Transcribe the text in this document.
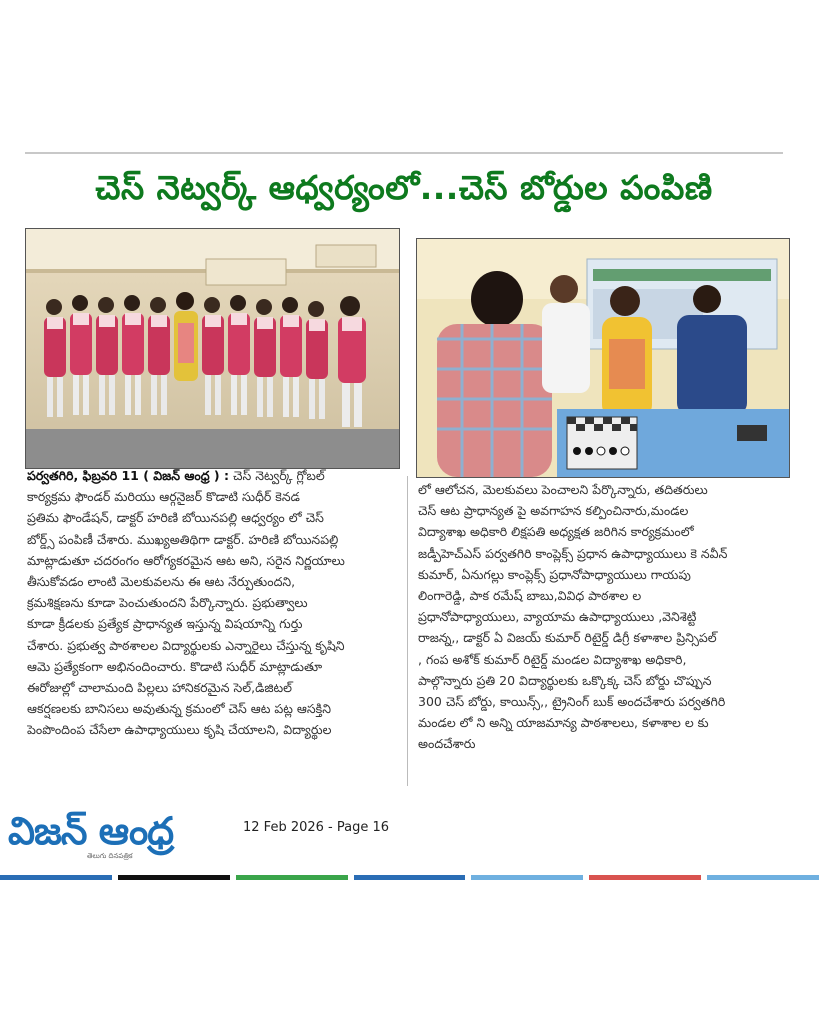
చెస్ నెట్వర్క్ ఆధ్వర్యంలో...చెస్ బోర్డుల పంపిణి
పర్వతగిరి, ఫిబ్రవరి 11 ( విజన్ ఆంధ్ర ) : చెస్ నెట్వర్క్ గ్లోబల్
కార్యక్రమ ఫౌండర్ మరియు ఆర్గనైజర్ కొడాటి సుధీర్ కెనడ
ప్రతిమ ఫౌండేషన్, డాక్టర్ హరిణి బోయినపల్లి ఆధ్వర్యం లో చెస్
బోర్డ్స్ పంపిణీ చేశారు. ముఖ్యఅతిథిగా డాక్టర్. హరిణి బోయినపల్లి
మాట్లాడుతూ చదరంగం ఆరోగ్యకరమైన ఆట అని, సరైన నిర్ణయాలు
తీసుకోవడం లాంటి మెలకువలను ఈ ఆట నేర్పుతుందని,
క్రమశిక్షణను కూడా పెంచుతుందని పేర్కొన్నారు. ప్రభుత్వాలు
కూడా క్రీడలకు ప్రత్యేక ప్రాధాన్యత ఇస్తున్న విషయాన్ని గుర్తు
చేశారు. ప్రభుత్వ పాఠశాలల విద్యార్థులకు ఎన్నారైలు చేస్తున్న కృషిని
ఆమె ప్రత్యేకంగా అభినందించారు. కొడాటి సుధీర్ మాట్లాడుతూ
ఈరోజుల్లో చాలామంది పిల్లలు హానికరమైన సెల్,డిజిటల్
ఆకర్షణలకు బానిసలు అవుతున్న క్రమంలో చెస్ ఆట పట్ల ఆసక్తిని
పెంపొందింప చేసేలా ఉపాధ్యాయులు కృషి చేయాలని, విద్యార్థుల
లో ఆలోచన, మెలకువలు పెంచాలని పేర్కొన్నారు, తదితరులు
చెస్ ఆట ప్రాధాన్యత పై అవగాహన కల్పించినారు,మండల
విద్యాశాఖ అధికారి లిక్షపతి అధ్యక్షత జరిగిన కార్యక్రమంలో
జడ్పీహెచ్ఎస్ పర్వతగిరి కాంప్లెక్స్ ప్రధాన ఉపాధ్యాయులు కె నవీన్
కుమార్, ఏనుగల్లు కాంప్లెక్స్ ప్రధానోపాధ్యాయులు గాయపు
లింగారెడ్డి, పాక రమేష్ బాబు,వివిధ పాఠశాల ల
ప్రధానోపాధ్యాయులు, వ్యాయామ ఉపాధ్యాయులు ,వెనిశెట్టి
రాజన్న,, డాక్టర్ ఏ విజయ్ కుమార్ రిటైర్డ్ డిగ్రీ కళాశాల ప్రిన్సిపల్
, గంప అశోక్ కుమార్ రిటైర్డ్ మండల విద్యాశాఖ అధికారి,
పాల్గొన్నారు ప్రతి 20 విద్యార్థులకు ఒక్కొక్క చెస్ బోర్డు చొప్పున
300 చెస్ బోర్డు, కాయిన్స్,, ట్రైనింగ్ బుక్ అందచేశారు పర్వతగిరి
మండల లో ని అన్ని యాజమాన్య పాఠశాలలు, కళాశాల ల కు
అందచేశారు
విజన్ ఆంధ్ర
తెలుగు దినపత్రిక
12 Feb 2026 - Page 16
